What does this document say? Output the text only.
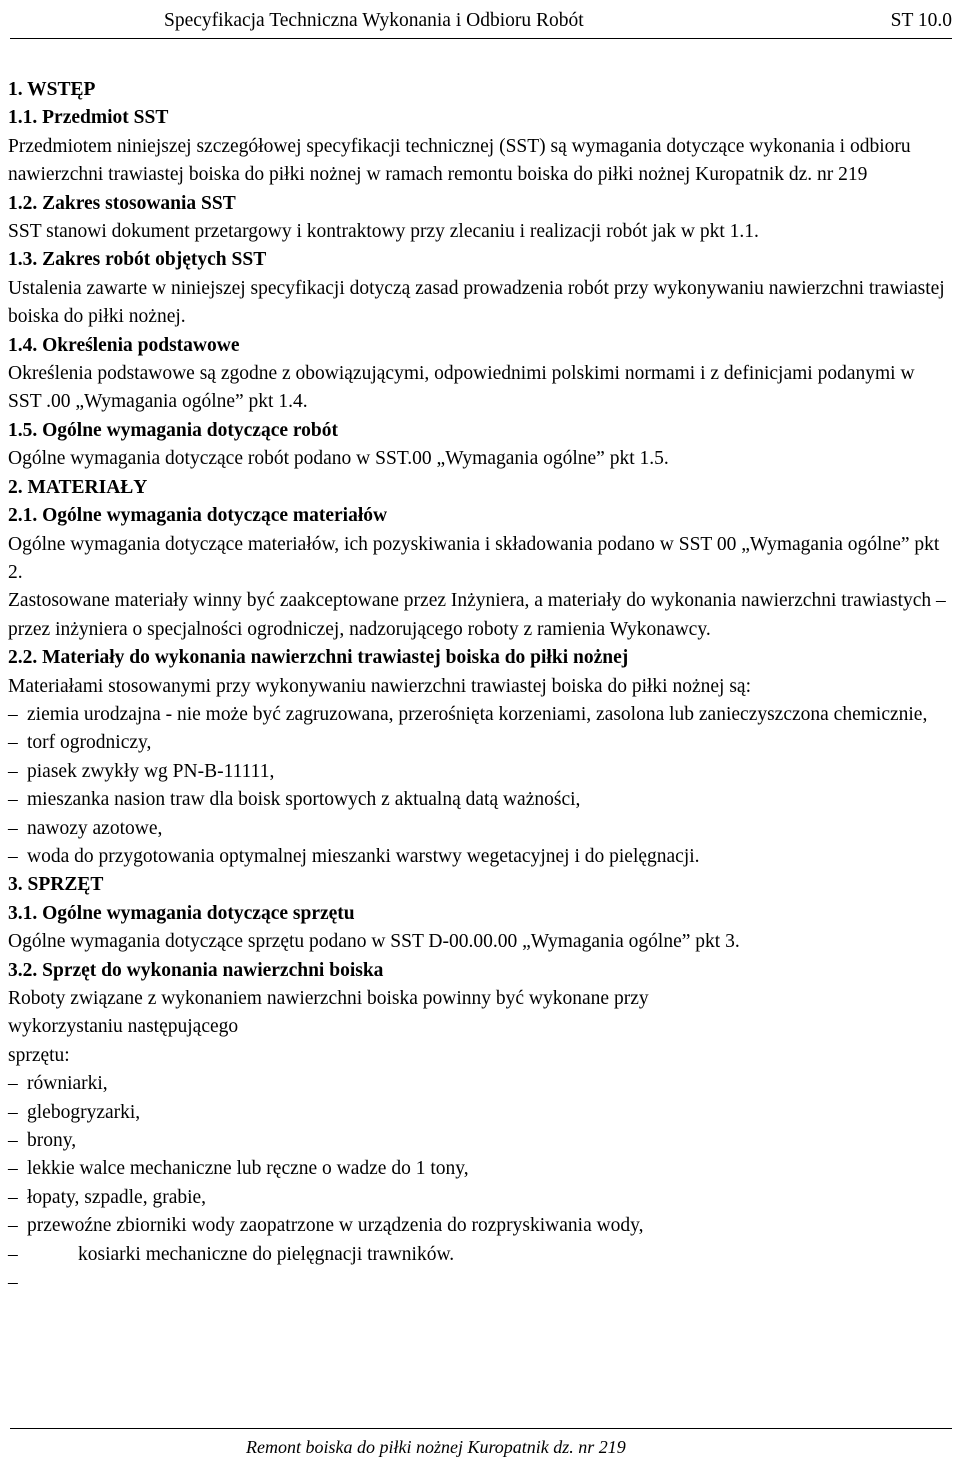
Specyfikacja Techniczna Wykonania i Odbioru Robót	ST 10.0

1. WSTĘP

1.1. Przedmiot SST

Przedmiotem niniejszej szczegółowej specyfikacji technicznej (SST) są wymagania dotyczące wykonania i odbioru nawierzchni trawiastej boiska do piłki nożnej w ramach remontu boiska do piłki nożnej Kuropatnik dz. nr 219

1.2. Zakres stosowania SST

SST stanowi dokument przetargowy i kontraktowy przy zlecaniu i realizacji robót jak w pkt 1.1.

1.3. Zakres robót objętych SST

Ustalenia zawarte w niniejszej specyfikacji dotyczą zasad prowadzenia robót przy wykonywaniu nawierzchni trawiastej boiska do piłki nożnej.

1.4. Określenia podstawowe

Określenia podstawowe są zgodne z obowiązującymi, odpowiednimi polskimi normami i z definicjami podanymi w SST .00 „Wymagania ogólne” pkt 1.4.

1.5. Ogólne wymagania dotyczące robót

Ogólne wymagania dotyczące robót podano w SST.00 „Wymagania ogólne” pkt 1.5.

2. MATERIAŁY

2.1. Ogólne wymagania dotyczące materiałów

Ogólne wymagania dotyczące materiałów, ich pozyskiwania i składowania podano w SST 00 „Wymagania ogólne” pkt 2.

Zastosowane materiały winny być zaakceptowane przez Inżyniera, a materiały do wykonania nawierzchni trawiastych – przez inżyniera o specjalności ogrodniczej, nadzorującego roboty z ramienia Wykonawcy.

2.2. Materiały do wykonania nawierzchni trawiastej boiska do piłki nożnej

Materiałami stosowanymi przy wykonywaniu nawierzchni trawiastej boiska do piłki nożnej są:

– ziemia urodzajna - nie może być zagruzowana, przerośnięta korzeniami, zasolona lub zanieczyszczona chemicznie,

– torf ogrodniczy,

– piasek zwykły wg PN-B-11111,

– mieszanka nasion traw dla boisk sportowych z aktualną datą ważności,

– nawozy azotowe,

– woda do przygotowania optymalnej mieszanki warstwy wegetacyjnej i do pielęgnacji.

3. SPRZĘT

3.1. Ogólne wymagania dotyczące sprzętu

Ogólne wymagania dotyczące sprzętu podano w SST D-00.00.00 „Wymagania ogólne” pkt 3.

3.2. Sprzęt do wykonania nawierzchni boiska

Roboty związane z wykonaniem nawierzchni boiska powinny być wykonane przy

wykorzystaniu następującego

sprzętu:

– równiarki,

– glebogryzarki,

– brony,

– lekkie walce mechaniczne lub ręczne o wadze do 1 tony,

– łopaty, szpadle, grabie,

– przewoźne zbiorniki wody zaopatrzone w urządzenia do rozpryskiwania wody,

–	kosiarki mechaniczne do pielęgnacji trawników.

–

Remont boiska do piłki nożnej Kuropatnik dz. nr 219
